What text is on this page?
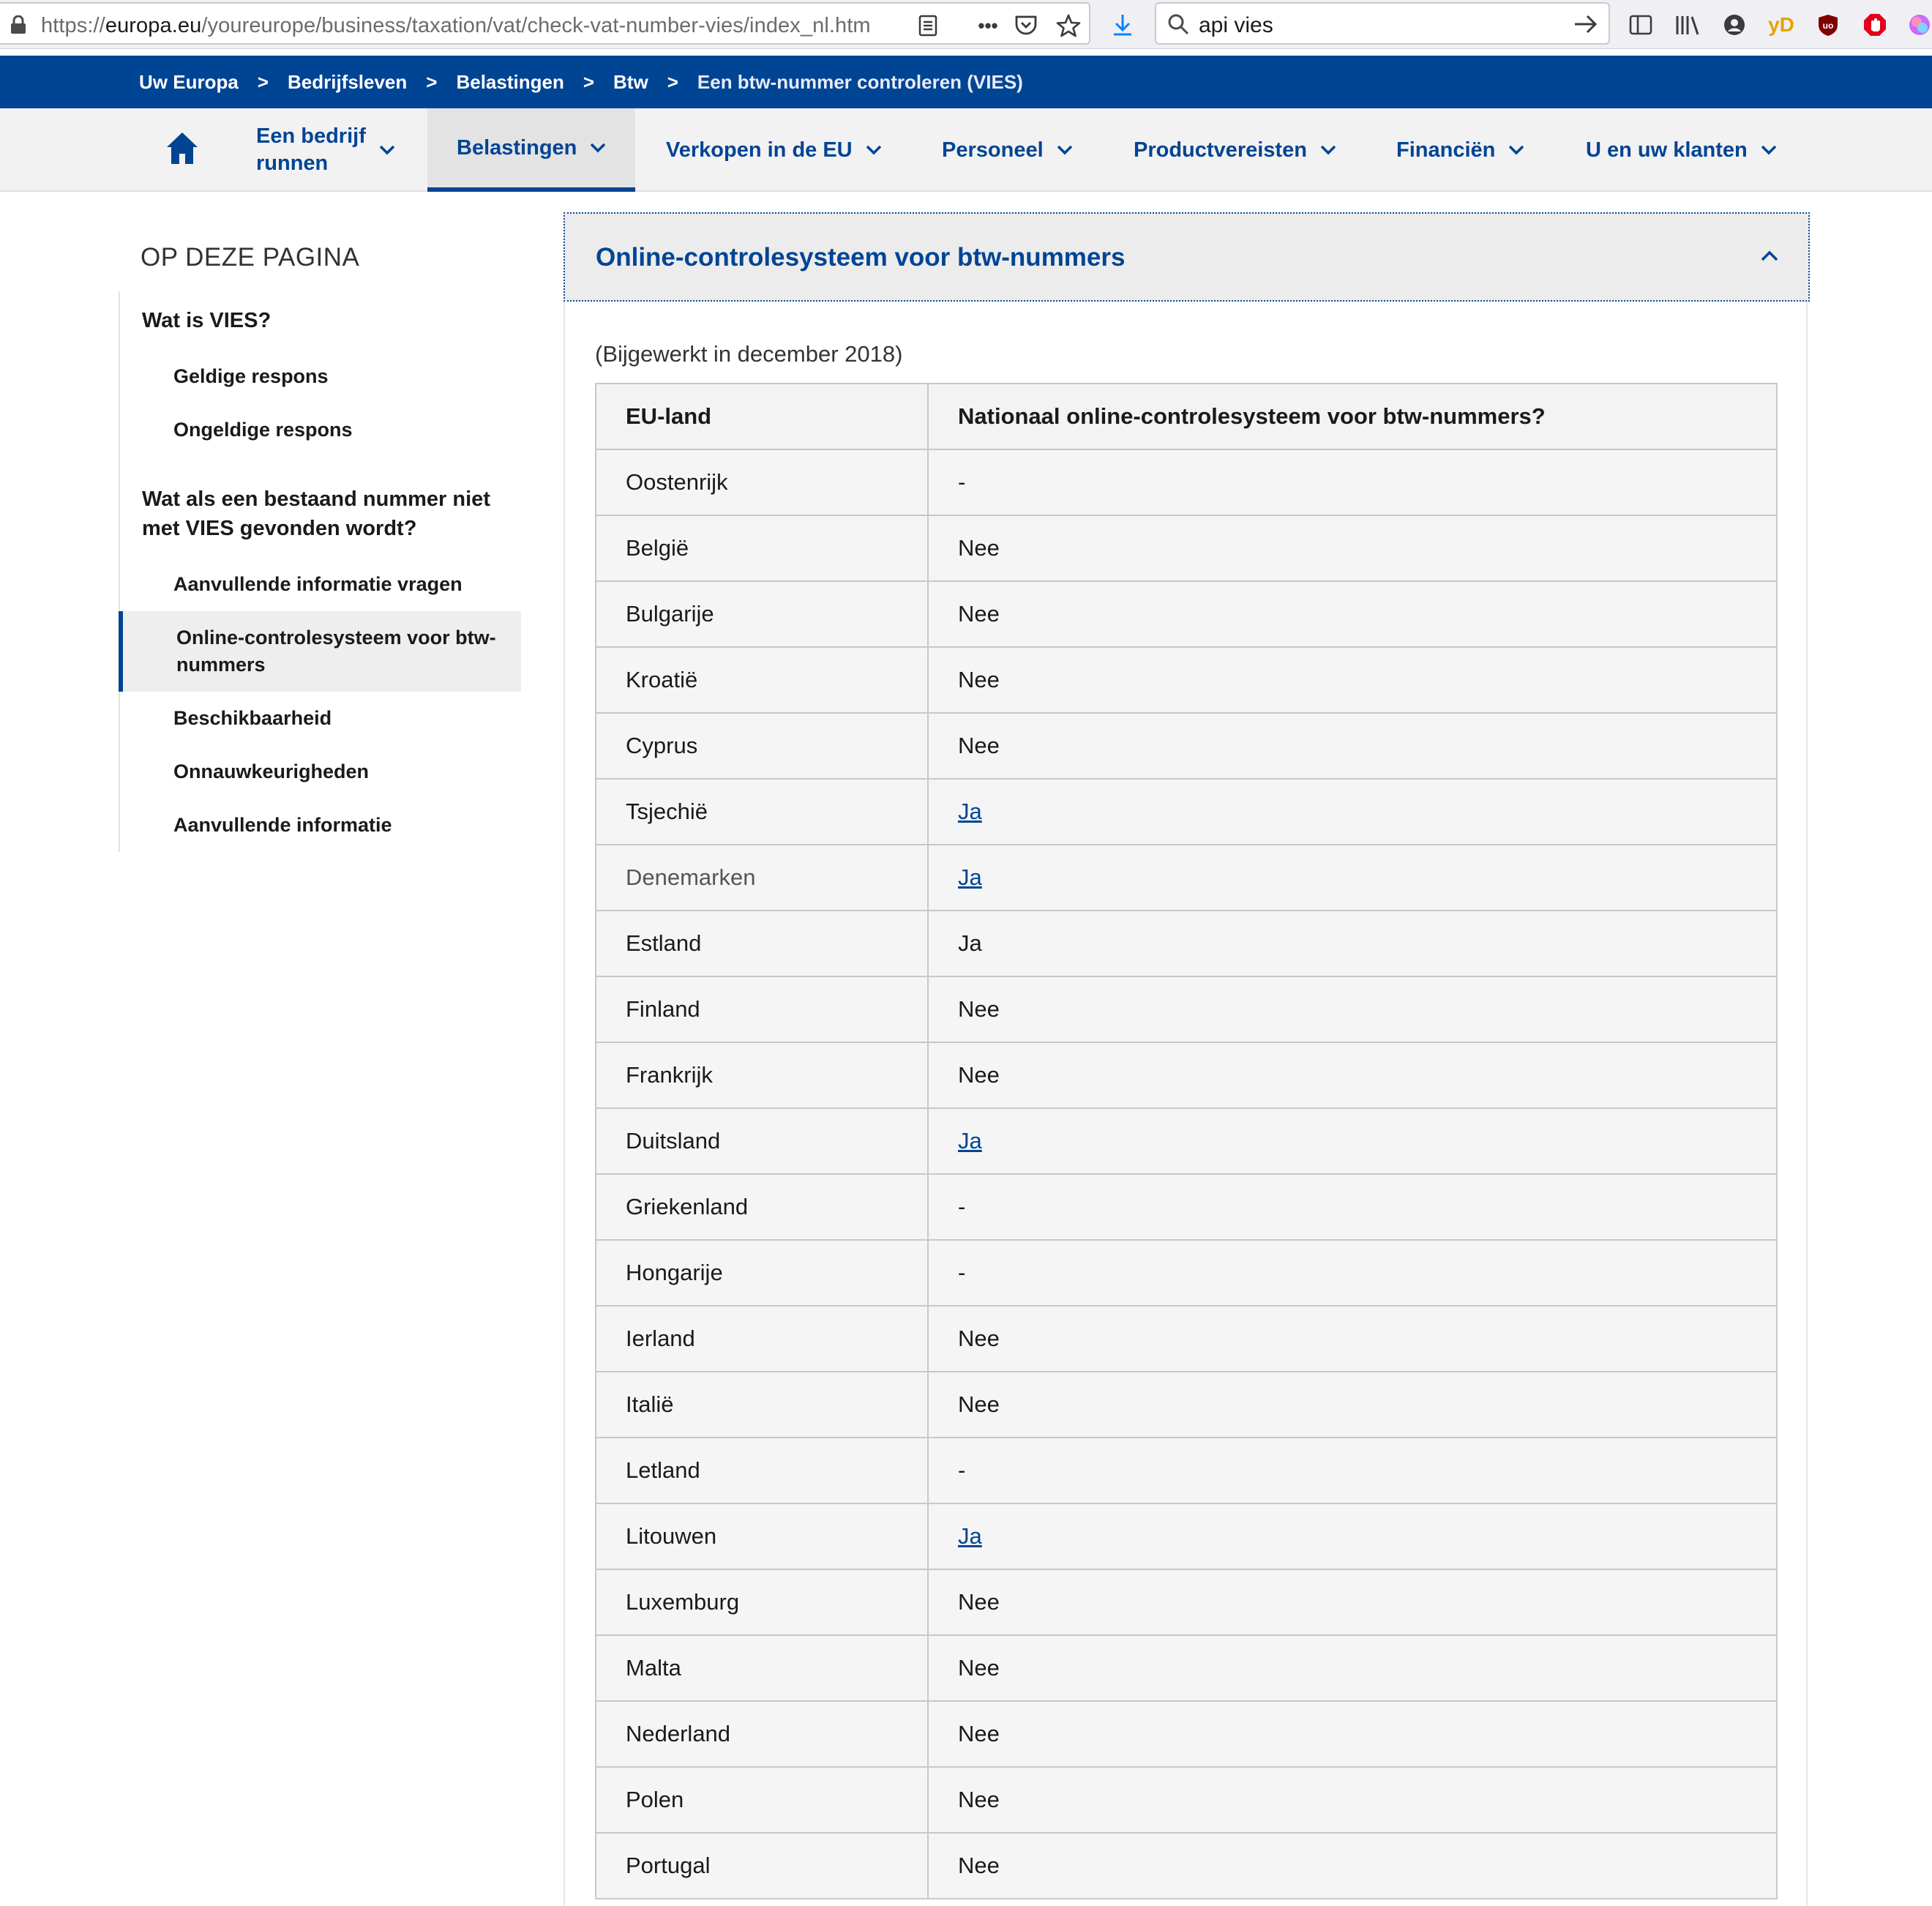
https://europa.eu/youreurope/business/taxation/vat/check-vat-number-vies/index_nl.htm	•••	api vies	yD	uo
Uw Europa > Bedrijfsleven > Belastingen > Btw > Een btw-nummer controleren (VIES)
Een bedrijf
runnen
Belastingen	Verkopen in de EU	Personeel	Productvereisten	Financiën	U en uw klanten
OP DEZE PAGINA
Wat is VIES?
Geldige respons
Ongeldige respons
Wat als een bestaand nummer niet met VIES gevonden wordt?
Aanvullende informatie vragen
Online-controlesysteem voor btw-nummers
Beschikbaarheid
Onnauwkeurigheden
Aanvullende informatie
Online-controlesysteem voor btw-nummers
(Bijgewerkt in december 2018)
EU-land	Nationaal online-controlesysteem voor btw-nummers?
Oostenrijk	-
België	Nee
Bulgarije	Nee
Kroatië	Nee
Cyprus	Nee
Tsjechië	Ja
Denemarken	Ja
Estland	Ja
Finland	Nee
Frankrijk	Nee
Duitsland	Ja
Griekenland	-
Hongarije	-
Ierland	Nee
Italië	Nee
Letland	-
Litouwen	Ja
Luxemburg	Nee
Malta	Nee
Nederland	Nee
Polen	Nee
Portugal	Nee
